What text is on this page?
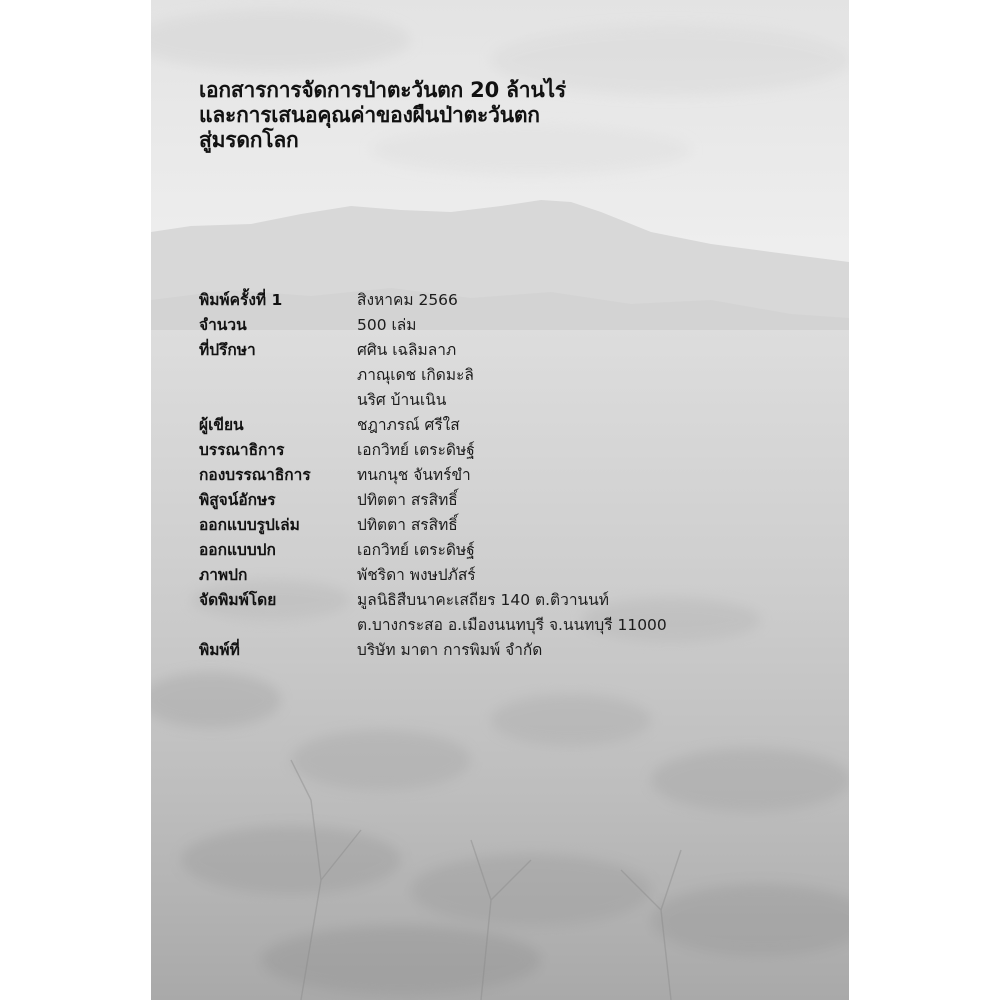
เอกสารการจัดการป่าตะวันตก 20 ล้านไร่
และการเสนอคุณค่าของผืนป่าตะวันตก
สู่มรดกโลก
พิมพ์ครั้งที่ 1	สิงหาคม 2566
จำนวน	500 เล่ม
ที่ปรึกษา	ศศิน เฉลิมลาภ
ภาณุเดช เกิดมะลิ
นริศ บ้านเนิน
ผู้เขียน	ชฎาภรณ์ ศรีใส
บรรณาธิการ	เอกวิทย์ เตระดิษฐ์
กองบรรณาธิการ	ทนกนุช จันทร์ขำ
พิสูจน์อักษร	ปทิตตา สรสิทธิ์
ออกแบบรูปเล่ม	ปทิตตา สรสิทธิ์
ออกแบบปก	เอกวิทย์ เตระดิษฐ์
ภาพปก	พัชริดา พงษปภัสร์
จัดพิมพ์โดย	มูลนิธิสืบนาคะเสถียร 140 ต.ติวานนท์
ต.บางกระสอ อ.เมืองนนทบุรี จ.นนทบุรี 11000
พิมพ์ที่	บริษัท มาตา การพิมพ์ จำกัด
